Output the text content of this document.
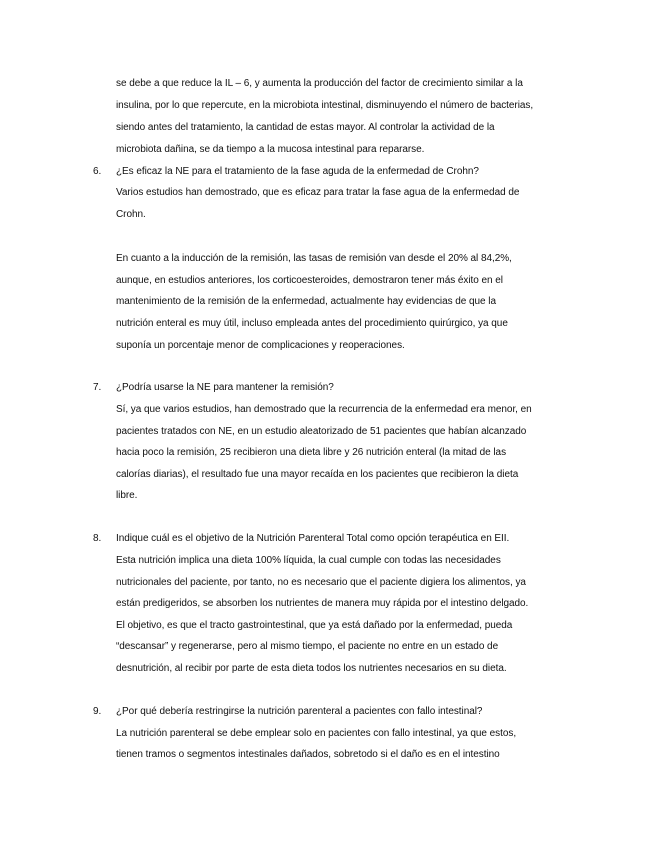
se debe a que reduce la IL – 6, y aumenta la producción del factor de crecimiento similar a la
insulina, por lo que repercute, en la microbiota intestinal, disminuyendo el número de bacterias,
siendo antes del tratamiento, la cantidad de estas mayor. Al controlar la actividad de la
microbiota dañina, se da tiempo a la mucosa intestinal para repararse.
6. ¿Es eficaz la NE para el tratamiento de la fase aguda de la enfermedad de Crohn?
Varios estudios han demostrado, que es eficaz para tratar la fase agua de la enfermedad de
Crohn.
En cuanto a la inducción de la remisión, las tasas de remisión van desde el 20% al 84,2%,
aunque, en estudios anteriores, los corticoesteroides, demostraron tener más éxito en el
mantenimiento de la remisión de la enfermedad, actualmente hay evidencias de que la
nutrición enteral es muy útil, incluso empleada antes del procedimiento quirúrgico, ya que
suponía un porcentaje menor de complicaciones y reoperaciones.
7. ¿Podría usarse la NE para mantener la remisión?
Sí, ya que varios estudios, han demostrado que la recurrencia de la enfermedad era menor, en
pacientes tratados con NE, en un estudio aleatorizado de 51 pacientes que habían alcanzado
hacia poco la remisión, 25 recibieron una dieta libre y 26 nutrición enteral (la mitad de las
calorías diarias), el resultado fue una mayor recaída en los pacientes que recibieron la dieta
libre.
8. Indique cuál es el objetivo de la Nutrición Parenteral Total como opción terapéutica en EII.
Esta nutrición implica una dieta 100% líquida, la cual cumple con todas las necesidades
nutricionales del paciente, por tanto, no es necesario que el paciente digiera los alimentos, ya
están predigeridos, se absorben los nutrientes de manera muy rápida por el intestino delgado.
El objetivo, es que el tracto gastrointestinal, que ya está dañado por la enfermedad, pueda
“descansar” y regenerarse, pero al mismo tiempo, el paciente no entre en un estado de
desnutrición, al recibir por parte de esta dieta todos los nutrientes necesarios en su dieta.
9. ¿Por qué debería restringirse la nutrición parenteral a pacientes con fallo intestinal?
La nutrición parenteral se debe emplear solo en pacientes con fallo intestinal, ya que estos,
tienen tramos o segmentos intestinales dañados, sobretodo si el daño es en el intestino
